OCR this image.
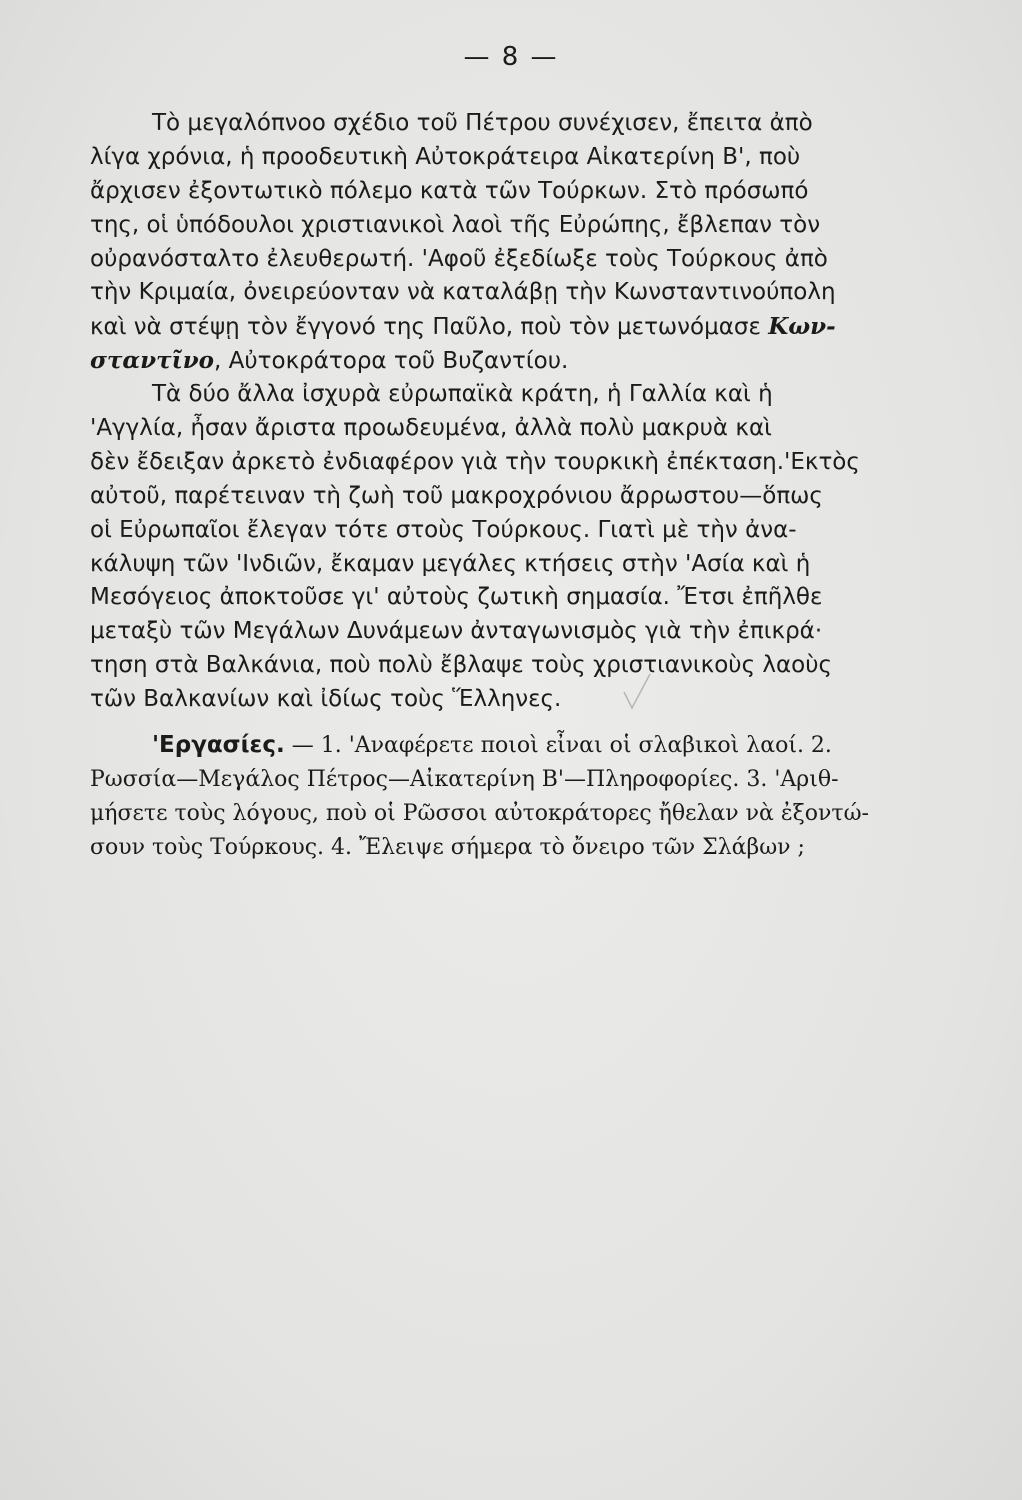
— 8 —
Τὸ μεγαλόπνοο σχέδιο τοῦ Πέτρου συνέχισεν, ἔπειτα ἀπὸ
λίγα χρόνια, ἡ προοδευτικὴ Αὐτοκράτειρα Αἰκατερίνη Β', ποὺ
ἄρχισεν ἐξοντωτικὸ πόλεμο κατὰ τῶν Τούρκων. Στὸ πρόσωπό
της, οἱ ὑπόδουλοι χριστιανικοὶ λαοὶ τῆς Εὐρώπης, ἔβλεπαν τὸν
οὐρανόσταλτο ἐλευθερωτή. 'Αφοῦ ἐξεδίωξε τοὺς Τούρκους ἀπὸ
τὴν Κριμαία, ὀνειρεύονταν νὰ καταλάβῃ τὴν Κωνσταντινούπολη
καὶ νὰ στέψῃ τὸν ἔγγονό της Παῦλο, ποὺ τὸν μετωνόμασε Κων-
σταντῖνο, Αὐτοκράτορα τοῦ Βυζαντίου.
Τὰ δύο ἄλλα ἰσχυρὰ εὐρωπαϊκὰ κράτη, ἡ Γαλλία καὶ ἡ
'Αγγλία, ἦσαν ἄριστα προωδευμένα, ἀλλὰ πολὺ μακρυὰ καὶ
δὲν ἔδειξαν ἀρκετὸ ἐνδιαφέρον γιὰ τὴν τουρκικὴ ἐπέκταση.'Εκτὸς
αὐτοῦ, παρέτειναν τὴ ζωὴ τοῦ μακροχρόνιου ἄρρωστου—ὅπως
οἱ Εὐρωπαῖοι ἔλεγαν τότε στοὺς Τούρκους. Γιατὶ μὲ τὴν ἀνα-
κάλυψη τῶν 'Ινδιῶν, ἔκαμαν μεγάλες κτήσεις στὴν 'Ασία καὶ ἡ
Μεσόγειος ἀποκτοῦσε γι' αὐτοὺς ζωτικὴ σημασία. Ἔτσι ἐπῆλθε
μεταξὺ τῶν Μεγάλων Δυνάμεων ἀνταγωνισμὸς γιὰ τὴν ἐπικρά·
τηση στὰ Βαλκάνια, ποὺ πολὺ ἔβλαψε τοὺς χριστιανικοὺς λαοὺς
τῶν Βαλκανίων καὶ ἰδίως τοὺς Ἕλληνες.
'Εργασίες. — 1. 'Αναφέρετε ποιοὶ εἶναι οἱ σλαβικοὶ λαοί. 2.
Ρωσσία—Μεγάλος Πέτρος—Αἰκατερίνη Β'—Πληροφορίες. 3. 'Αριθ-
μήσετε τοὺς λόγους, ποὺ οἱ Ρῶσσοι αὐτοκράτορες ἤθελαν νὰ ἐξοντώ-
σουν τοὺς Τούρκους. 4. Ἔλειψε σήμερα τὸ ὄνειρο τῶν Σλάβων ;
